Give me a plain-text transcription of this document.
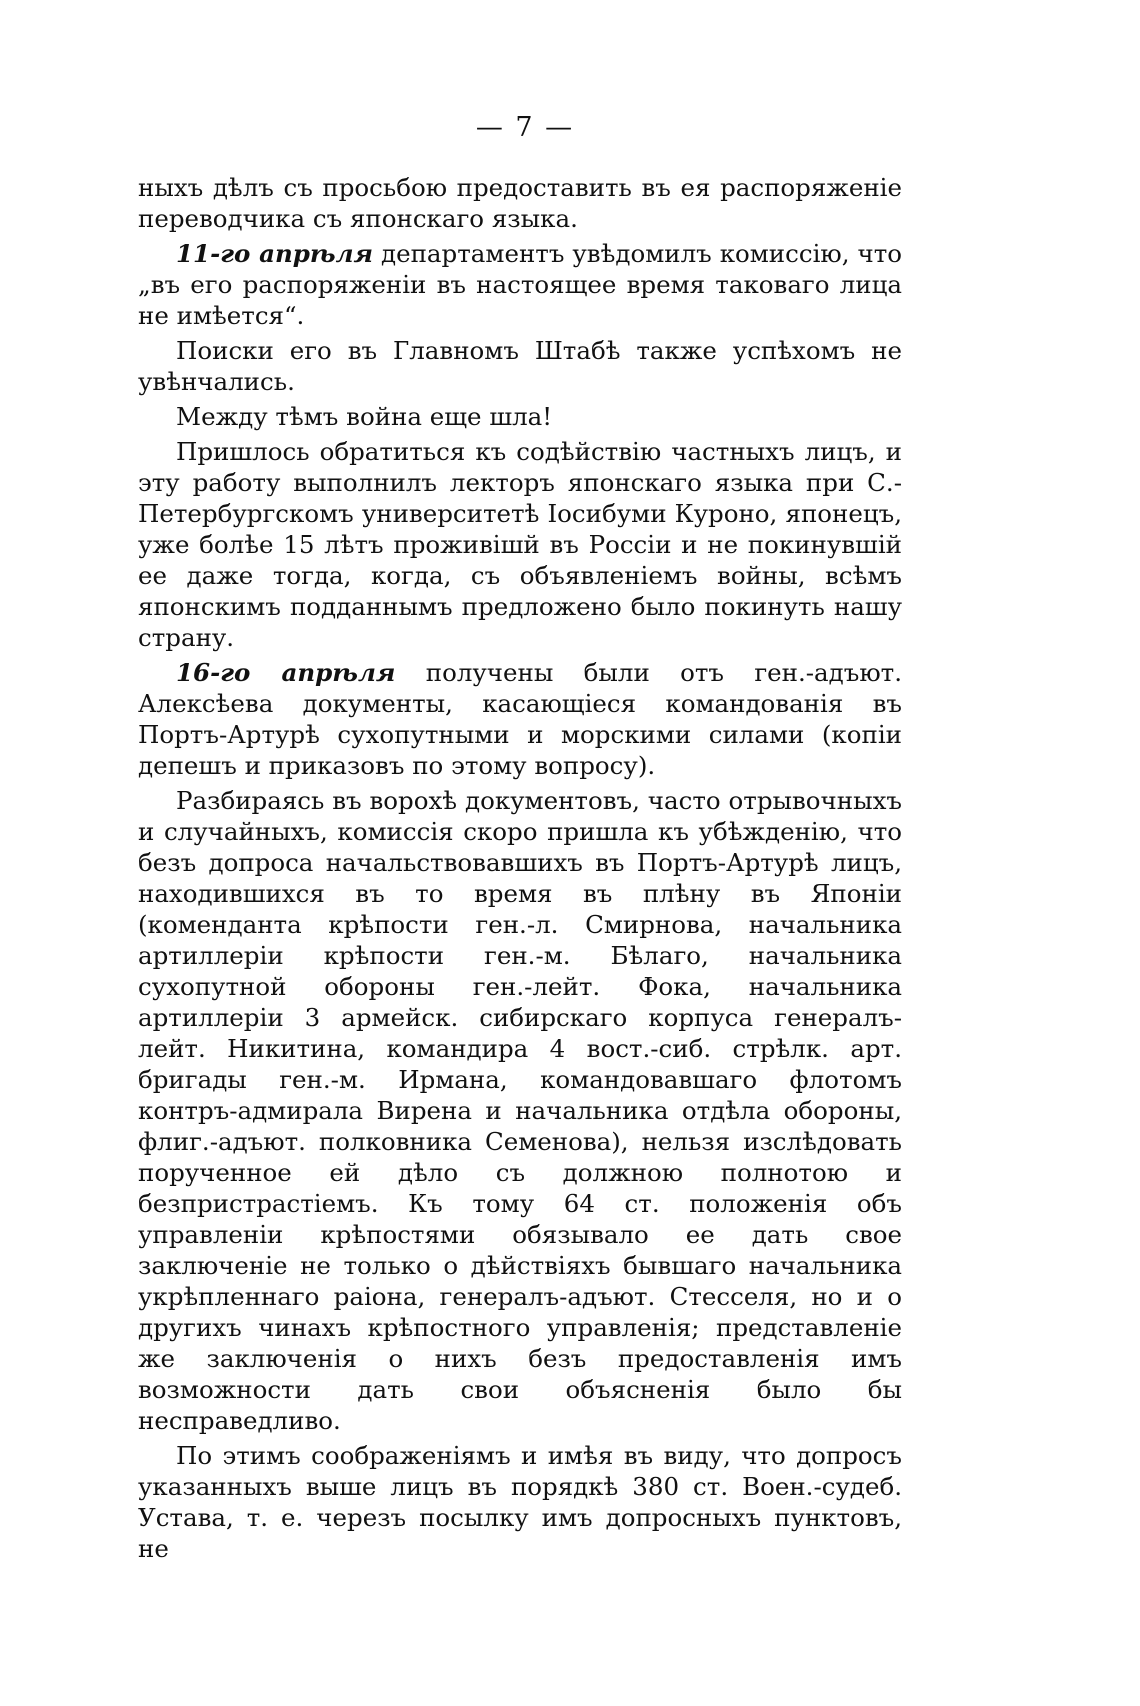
— 7 —

ныхъ дѣлъ съ просьбою предоставить въ ея распоряженіе переводчика съ японскаго языка.

11-го апрѣля департаментъ увѣдомилъ комиссію, что „въ его распоряженіи въ настоящее время таковаго лица не имѣется“.

Поиски его въ Главномъ Штабѣ также успѣхомъ не увѣнчались.

Между тѣмъ война еще шла!

Пришлось обратиться къ содѣйствію частныхъ лицъ, и эту работу выполнилъ лекторъ японскаго языка при С.-Петербургскомъ университетѣ Іосибуми Куроно, японецъ, уже болѣе 15 лѣтъ проживішй въ Россіи и не покинувшій ее даже тогда, когда, съ объявленіемъ войны, всѣмъ японскимъ подданнымъ предложено было покинуть нашу страну.

16-го апрѣля получены были отъ ген.-адъют. Алексѣева документы, касающіеся командованія въ Портъ-Артурѣ сухопутными и морскими силами (копіи депешъ и приказовъ по этому вопросу).

Разбираясь въ ворохѣ документовъ, часто отрывочныхъ и случайныхъ, комиссія скоро пришла къ убѣжденію, что безъ допроса начальствовавшихъ въ Портъ-Артурѣ лицъ, находившихся въ то время въ плѣну въ Японіи (коменданта крѣпости ген.-л. Смирнова, начальника артиллеріи крѣпости ген.-м. Бѣлаго, начальника сухопутной обороны ген.-лейт. Фока, начальника артиллеріи 3 армейск. сибирскаго корпуса генералъ-лейт. Никитина, командира 4 вост.-сиб. стрѣлк. арт. бригады ген.-м. Ирмана, командовавшаго флотомъ контръ-адмирала Вирена и начальника отдѣла обороны, флиг.-адъют. полковника Семенова), нельзя изслѣдовать порученное ей дѣло съ должною полнотою и безпристрастіемъ. Къ тому 64 ст. положенія объ управленіи крѣпостями обязывало ее дать свое заключеніе не только о дѣйствіяхъ бывшаго начальника укрѣпленнаго раіона, генералъ-адъют. Стесселя, но и о другихъ чинахъ крѣпостного управленія; представленіе же заключенія о нихъ безъ предоставленія имъ возможности дать свои объясненія было бы несправедливо.

По этимъ соображеніямъ и имѣя въ виду, что допросъ указанныхъ выше лицъ въ порядкѣ 380 ст. Воен.-судеб. Устава, т. е. черезъ посылку имъ допросныхъ пунктовъ, не
